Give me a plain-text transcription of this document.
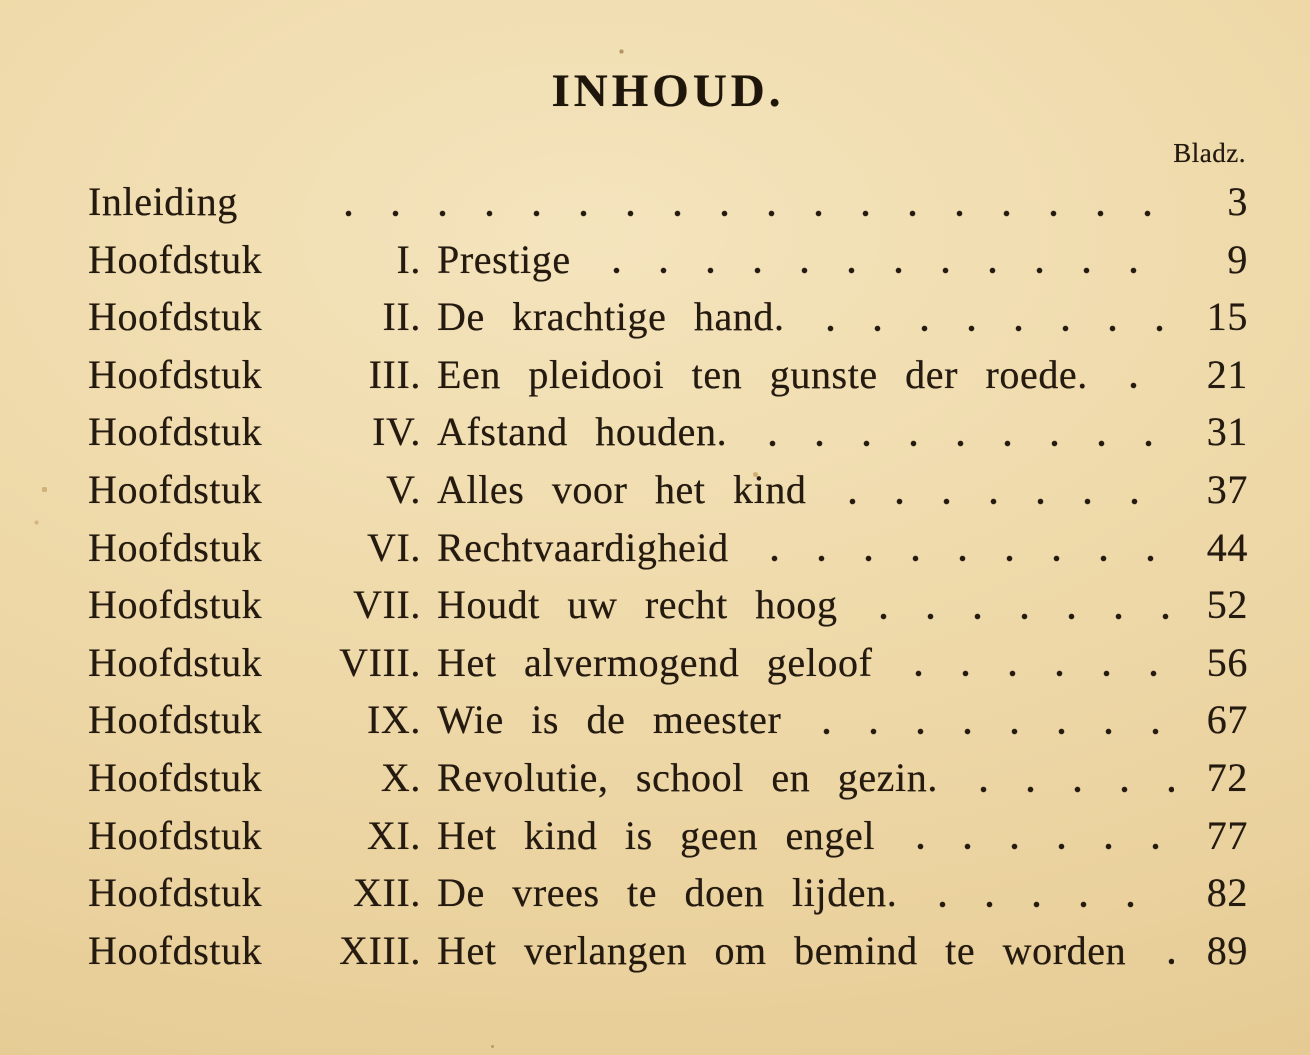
INHOUD.
Bladz.
Inleiding	3
Hoofdstuk	I. Prestige	9
Hoofdstuk	II. De krachtige hand.	15
Hoofdstuk	III. Een pleidooi ten gunste der roede.	21
Hoofdstuk	IV. Afstand houden.	31
Hoofdstuk	V. Alles voor het kind	37
Hoofdstuk	VI. Rechtvaardigheid	44
Hoofdstuk	VII. Houdt uw recht hoog	52
Hoofdstuk	VIII. Het alvermogend geloof	56
Hoofdstuk	IX. Wie is de meester	67
Hoofdstuk	X. Revolutie, school en gezin.	72
Hoofdstuk	XI. Het kind is geen engel	77
Hoofdstuk	XII. De vrees te doen lijden.	82
Hoofdstuk	XIII. Het verlangen om bemind te worden	89
